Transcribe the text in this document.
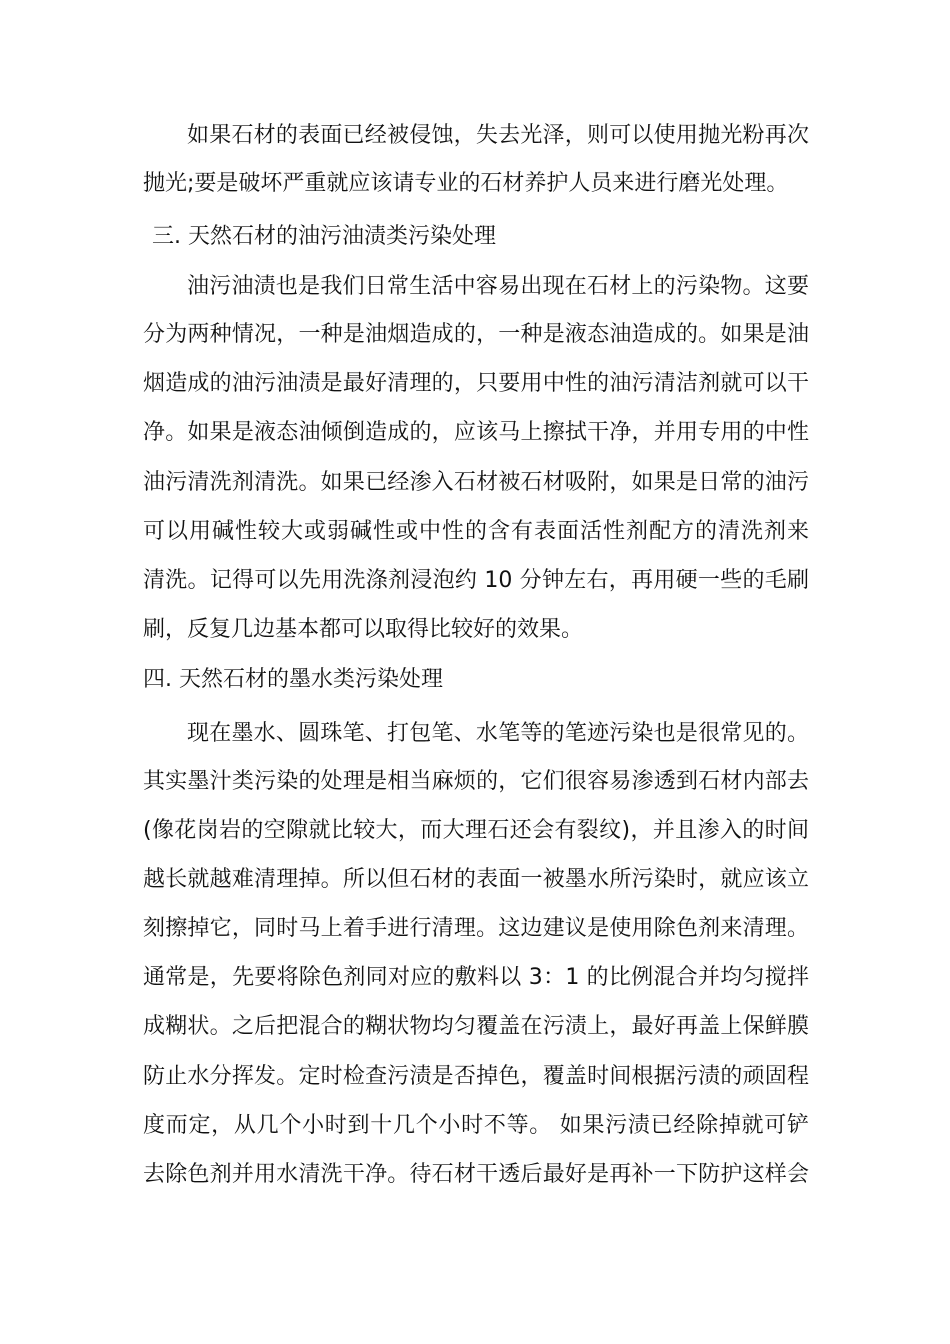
如果石材的表面已经被侵蚀，失去光泽，则可以使用抛光粉再次
抛光;要是破坏严重就应该请专业的石材养护人员来进行磨光处理。
三. 天然石材的油污油渍类污染处理
油污油渍也是我们日常生活中容易出现在石材上的污染物。这要
分为两种情况，一种是油烟造成的，一种是液态油造成的。如果是油
烟造成的油污油渍是最好清理的，只要用中性的油污清洁剂就可以干
净。如果是液态油倾倒造成的，应该马上擦拭干净，并用专用的中性
油污清洗剂清洗。如果已经渗入石材被石材吸附，如果是日常的油污
可以用碱性较大或弱碱性或中性的含有表面活性剂配方的清洗剂来
清洗。记得可以先用洗涤剂浸泡约 10 分钟左右，再用硬一些的毛刷
刷，反复几边基本都可以取得比较好的效果。
四. 天然石材的墨水类污染处理
现在墨水、圆珠笔、打包笔、水笔等的笔迹污染也是很常见的。
其实墨汁类污染的处理是相当麻烦的，它们很容易渗透到石材内部去
(像花岗岩的空隙就比较大，而大理石还会有裂纹)，并且渗入的时间
越长就越难清理掉。所以但石材的表面一被墨水所污染时，就应该立
刻擦掉它，同时马上着手进行清理。这边建议是使用除色剂来清理。
通常是，先要将除色剂同对应的敷料以 3：1 的比例混合并均匀搅拌
成糊状。之后把混合的糊状物均匀覆盖在污渍上，最好再盖上保鲜膜
防止水分挥发。定时检查污渍是否掉色，覆盖时间根据污渍的顽固程
度而定，从几个小时到十几个小时不等。 如果污渍已经除掉就可铲
去除色剂并用水清洗干净。待石材干透后最好是再补一下防护这样会
